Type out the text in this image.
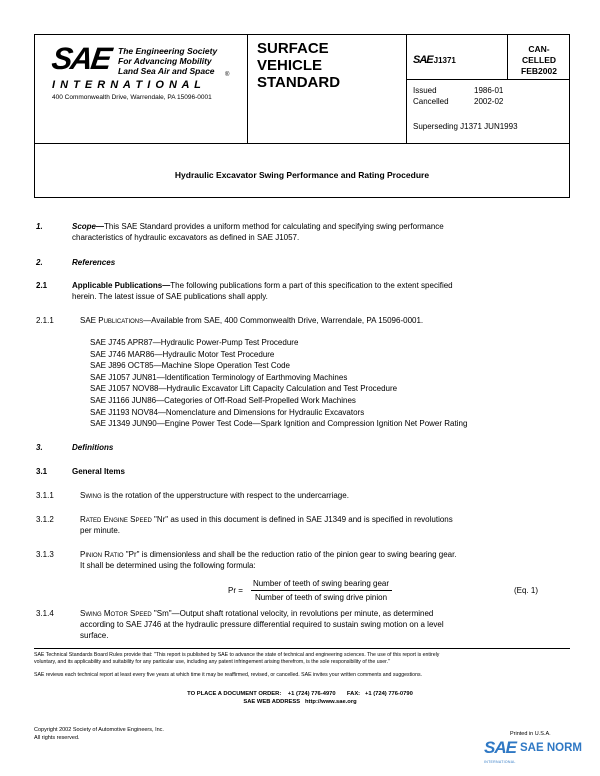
SAE The Engineering Society
For Advancing Mobility
Land Sea Air and Space ®
I N T E R N A T I O N A L
400 Commonwealth Drive, Warrendale, PA 15096-0001
SURFACE
VEHICLE
STANDARD
SAEJ1371
CAN-
CELLED
FEB2002
Issued	1986-01
Cancelled	2002-02
Superseding J1371 JUN1993
Hydraulic Excavator Swing Performance and Rating Procedure
1.	Scope—This SAE Standard provides a uniform method for calculating and specifying swing performance
characteristics of hydraulic excavators as defined in SAE J1057.
2.	References
2.1	Applicable Publications—The following publications form a part of this specification to the extent specified
herein. The latest issue of SAE publications shall apply.
2.1.1	SAE Publications—Available from SAE, 400 Commonwealth Drive, Warrendale, PA 15096-0001.
SAE J745 APR87—Hydraulic Power-Pump Test Procedure
SAE J746 MAR86—Hydraulic Motor Test Procedure
SAE J896 OCT85—Machine Slope Operation Test Code
SAE J1057 JUN81—Identification Terminology of Earthmoving Machines
SAE J1057 NOV88—Hydraulic Excavator Lift Capacity Calculation and Test Procedure
SAE J1166 JUN86—Categories of Off-Road Self-Propelled Work Machines
SAE J1193 NOV84—Nomenclature and Dimensions for Hydraulic Excavators
SAE J1349 JUN90—Engine Power Test Code—Spark Ignition and Compression Ignition Net Power Rating
3.	Definitions
3.1	General Items
3.1.1	Swing is the rotation of the upperstructure with respect to the undercarriage.
3.1.2	Rated Engine Speed "Nr" as used in this document is defined in SAE J1349 and is specified in revolutions
per minute.
3.1.3	Pinion Ratio "Pr" is dimensionless and shall be the reduction ratio of the pinion gear to swing bearing gear.
It shall be determined using the following formula:
Pr =
Number of teeth of swing bearing gear
Number of teeth of swing drive pinion
(Eq. 1)
3.1.4	Swing Motor Speed "Sm"—Output shaft rotational velocity, in revolutions per minute, as determined
according to SAE J746 at the hydraulic pressure differential required to sustain swing motion on a level
surface.
SAE Technical Standards Board Rules provide that: "This report is published by SAE to advance the state of technical and engineering sciences. The use of this report is entirely
voluntary, and its applicability and suitability for any particular use, including any patent infringement arising therefrom, is the sole responsibility of the user."
SAE reviews each technical report at least every five years at which time it may be reaffirmed, revised, or cancelled. SAE invites your written comments and suggestions.
TO PLACE A DOCUMENT ORDER: +1 (724) 776-4970 FAX: +1 (724) 776-0790
SAE WEB ADDRESS http://www.sae.org
Copyright 2002 Society of Automotive Engineers, Inc.
All rights reserved.
Printed in U.S.A.
SAE SAE NORM
INTERNATIONAL
